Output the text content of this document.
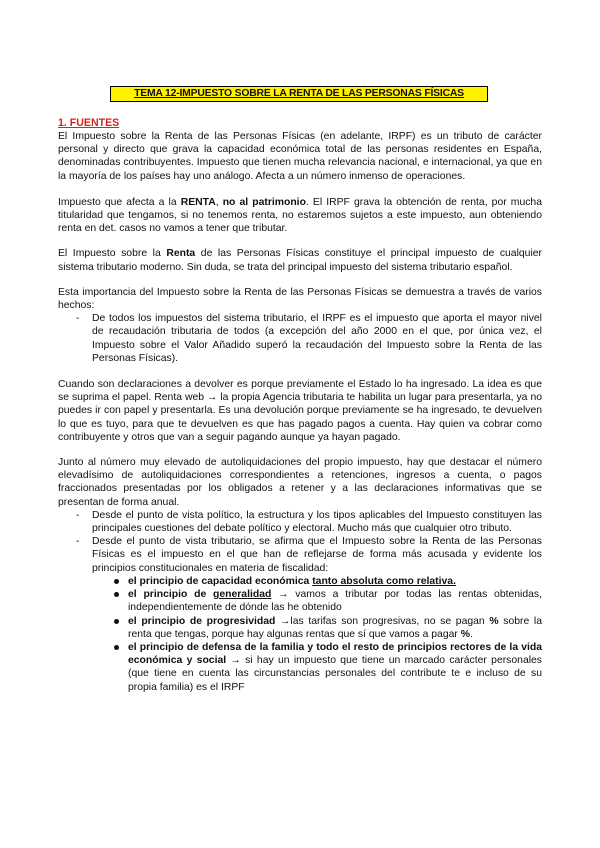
TEMA 12-IMPUESTO SOBRE LA RENTA DE LAS PERSONAS FÍSICAS
1. FUENTES

El Impuesto sobre la Renta de las Personas Físicas (en adelante, IRPF) es un tributo de carácter personal y directo que grava la capacidad económica total de las personas residentes en España, denominadas contribuyentes. Impuesto que tienen mucha relevancia nacional, e internacional, ya que en la mayoría de los países hay uno análogo. Afecta a un número inmenso de operaciones.

Impuesto que afecta a la RENTA, no al patrimonio. El IRPF grava la obtención de renta, por mucha titularidad que tengamos, si no tenemos renta, no estaremos sujetos a este impuesto, aun obteniendo renta en det. casos no vamos a tener que tributar.

El Impuesto sobre la Renta de las Personas Físicas constituye el principal impuesto de cualquier sistema tributario moderno. Sin duda, se trata del principal impuesto del sistema tributario español.

Esta importancia del Impuesto sobre la Renta de las Personas Físicas se demuestra a través de varios hechos:

- De todos los impuestos del sistema tributario, el IRPF es el impuesto que aporta el mayor nivel de recaudación tributaria de todos (a excepción del año 2000 en el que, por única vez, el Impuesto sobre el Valor Añadido superó la recaudación del Impuesto sobre la Renta de las Personas Físicas).

Cuando son declaraciones a devolver es porque previamente el Estado lo ha ingresado. La idea es que se suprima el papel. Renta web → la propia Agencia tributaria te habilita un lugar para presentarla, ya no puedes ir con papel y presentarla. Es una devolución porque previamente se ha ingresado, te devuelven lo que es tuyo, para que te devuelven es que has pagado pagos a cuenta. Hay quien va cobrar como contribuyente y otros que van a seguir pagando aunque ya hayan pagado.

Junto al número muy elevado de autoliquidaciones del propio impuesto, hay que destacar el número elevadísimo de autoliquidaciones correspondientes a retenciones, ingresos a cuenta, o pagos fraccionados presentadas por los obligados a retener y a las declaraciones informativas que se presentan de forma anual.

- Desde el punto de vista político, la estructura y los tipos aplicables del Impuesto constituyen las principales cuestiones del debate político y electoral. Mucho más que cualquier otro tributo.
- Desde el punto de vista tributario, se afirma que el Impuesto sobre la Renta de las Personas Físicas es el impuesto en el que han de reflejarse de forma más acusada y evidente los principios constitucionales en materia de fiscalidad:
el principio de capacidad económica tanto absoluta como relativa.
el principio de generalidad → vamos a tributar por todas las rentas obtenidas, independientemente de dónde las he obtenido
el principio de progresividad →las tarifas son progresivas, no se pagan % sobre la renta que tengas, porque hay algunas rentas que sí que vamos a pagar %.
el principio de defensa de la familia y todo el resto de principios rectores de la vida económica y social → si hay un impuesto que tiene un marcado carácter personales (que tiene en cuenta las circunstancias personales del contribute te e incluso de su propia familia) es el IRPF
